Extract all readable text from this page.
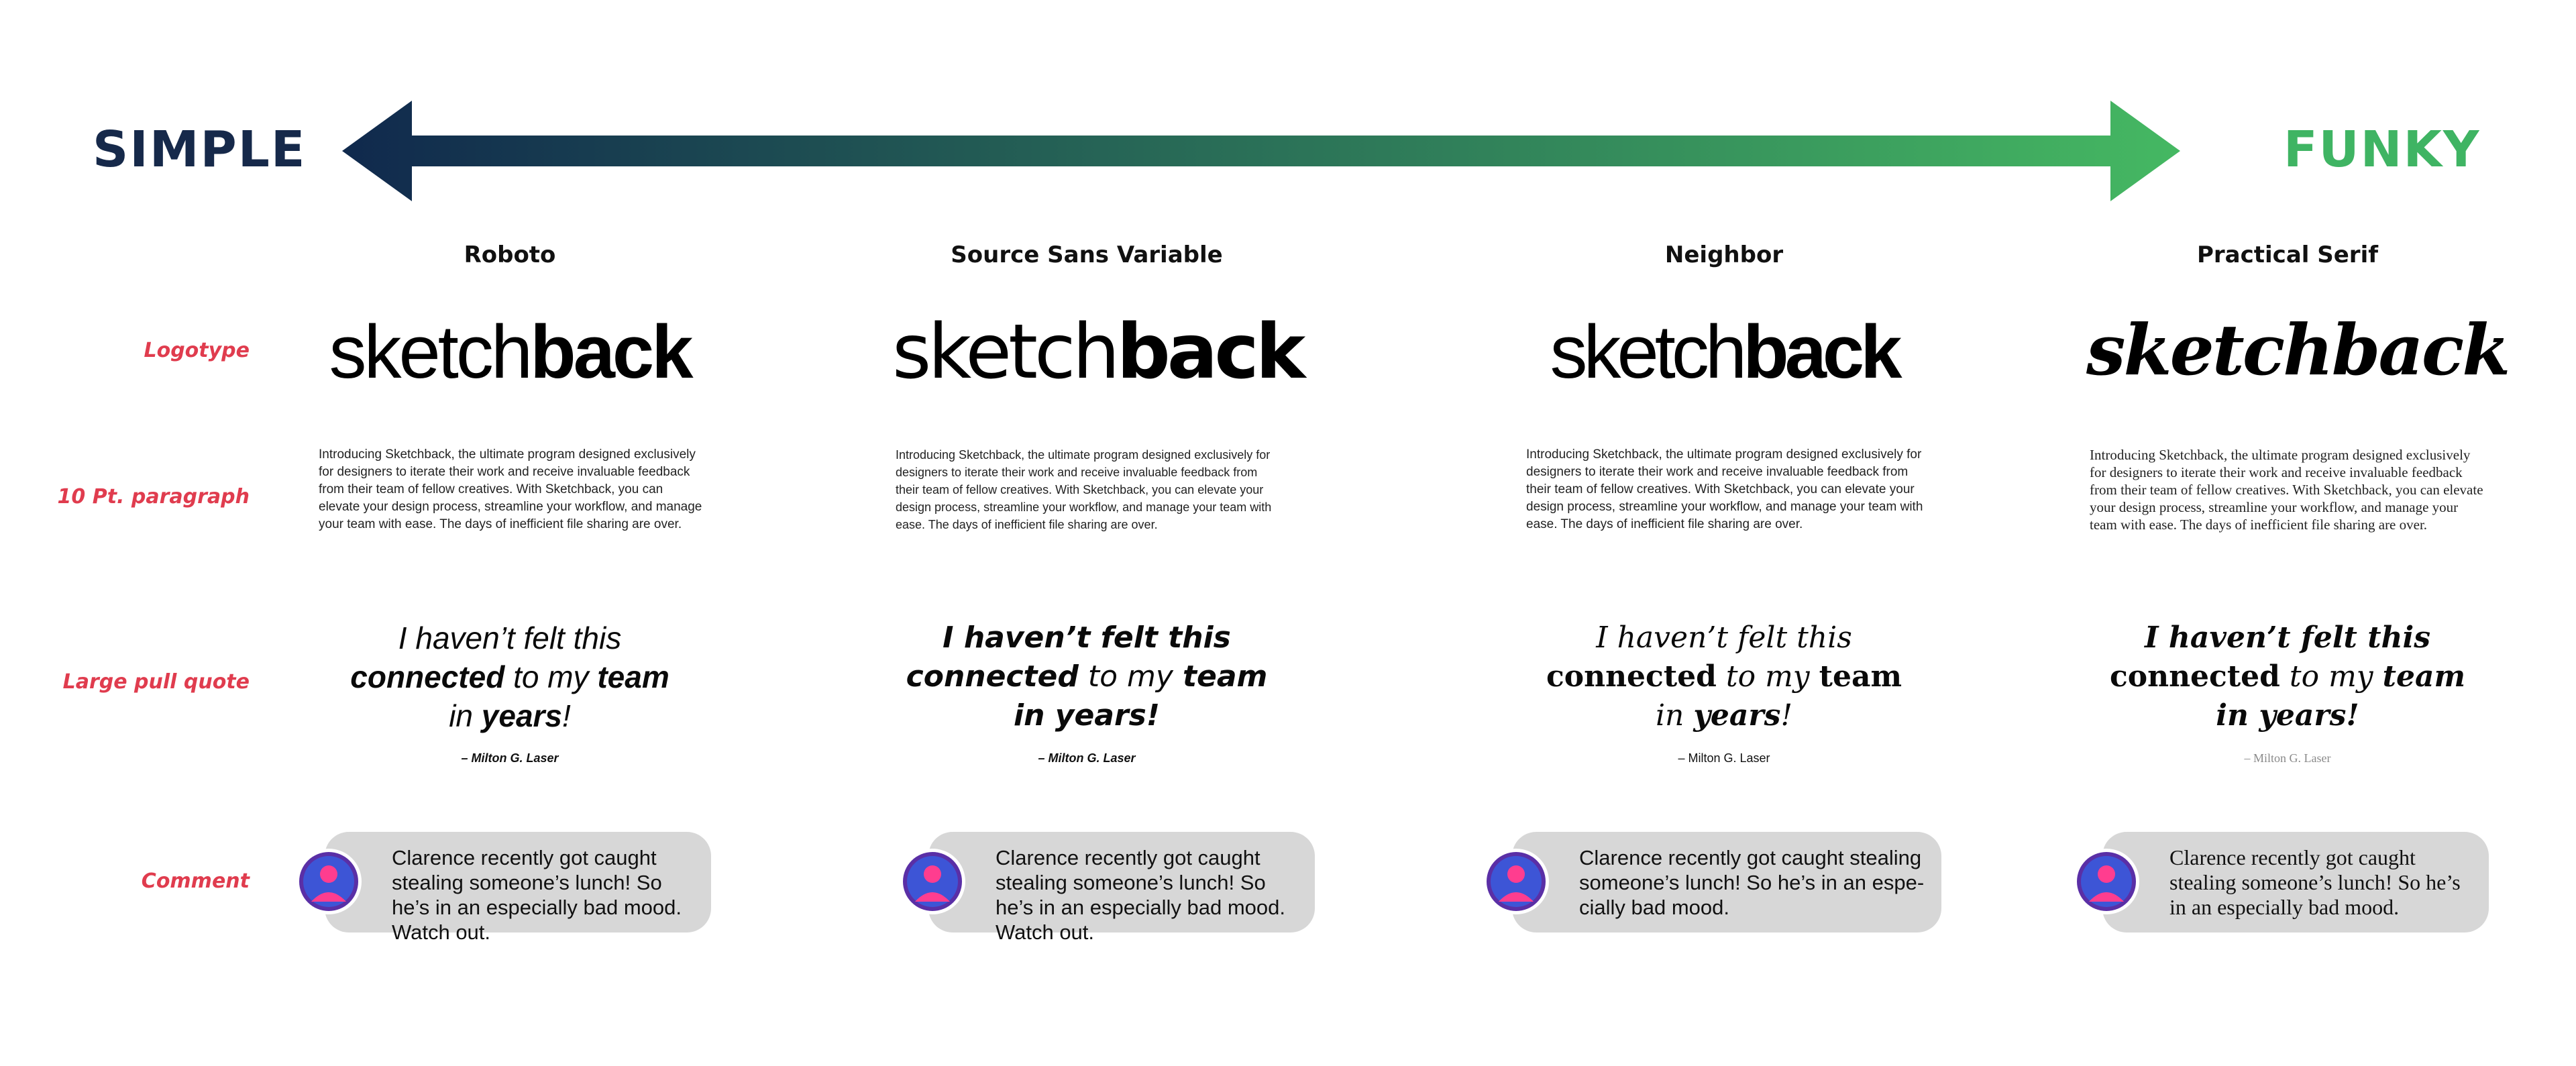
SIMPLE	FUNKY
Logotype
10 Pt. paragraph
Large pull quote
Comment
Roboto
sketchback

Introducing Sketchback, the ultimate program designed exclusively for designers to iterate their work and receive invaluable feedback from their team of fellow creatives. With Sketchback, you can elevate your design process, streamline your workflow, and manage your team with ease. The days of inefficient file sharing are over.

I haven’t felt this
connected to my team
in years!

– Milton G. Laser

Clarence recently got caught stealing someone’s lunch! So he’s in an especially bad mood. Watch out.

Source Sans Variable
sketchback

Introducing Sketchback, the ultimate program designed exclusively for designers to iterate their work and receive invaluable feedback from their team of fellow creatives. With Sketchback, you can elevate your design process, streamline your workflow, and manage your team with ease. The days of inefficient file sharing are over.

I haven’t felt this
connected to my team
in years!

– Milton G. Laser

Clarence recently got caught stealing someone’s lunch! So he’s in an especially bad mood. Watch out.

Neighbor
sketchback

Introducing Sketchback, the ultimate program designed exclusively for designers to iterate their work and receive invaluable feedback from their team of fellow creatives. With Sketchback, you can elevate your design process, streamline your workflow, and manage your team with ease. The days of inefficient file sharing are over.

I haven’t felt this
connected to my team
in years!

– Milton G. Laser

Clarence recently got caught stealing someone’s lunch! So he’s in an especially bad mood.

Practical Serif
sketchback

Introducing Sketchback, the ultimate program designed exclusively for designers to iterate their work and receive invaluable feedback from their team of fellow creatives. With Sketchback, you can elevate your design process, streamline your workflow, and manage your team with ease. The days of inefficient file sharing are over.

I haven’t felt this
connected to my team
in years!

– Milton G. Laser

Clarence recently got caught stealing someone’s lunch! So he’s in an especially bad mood.
